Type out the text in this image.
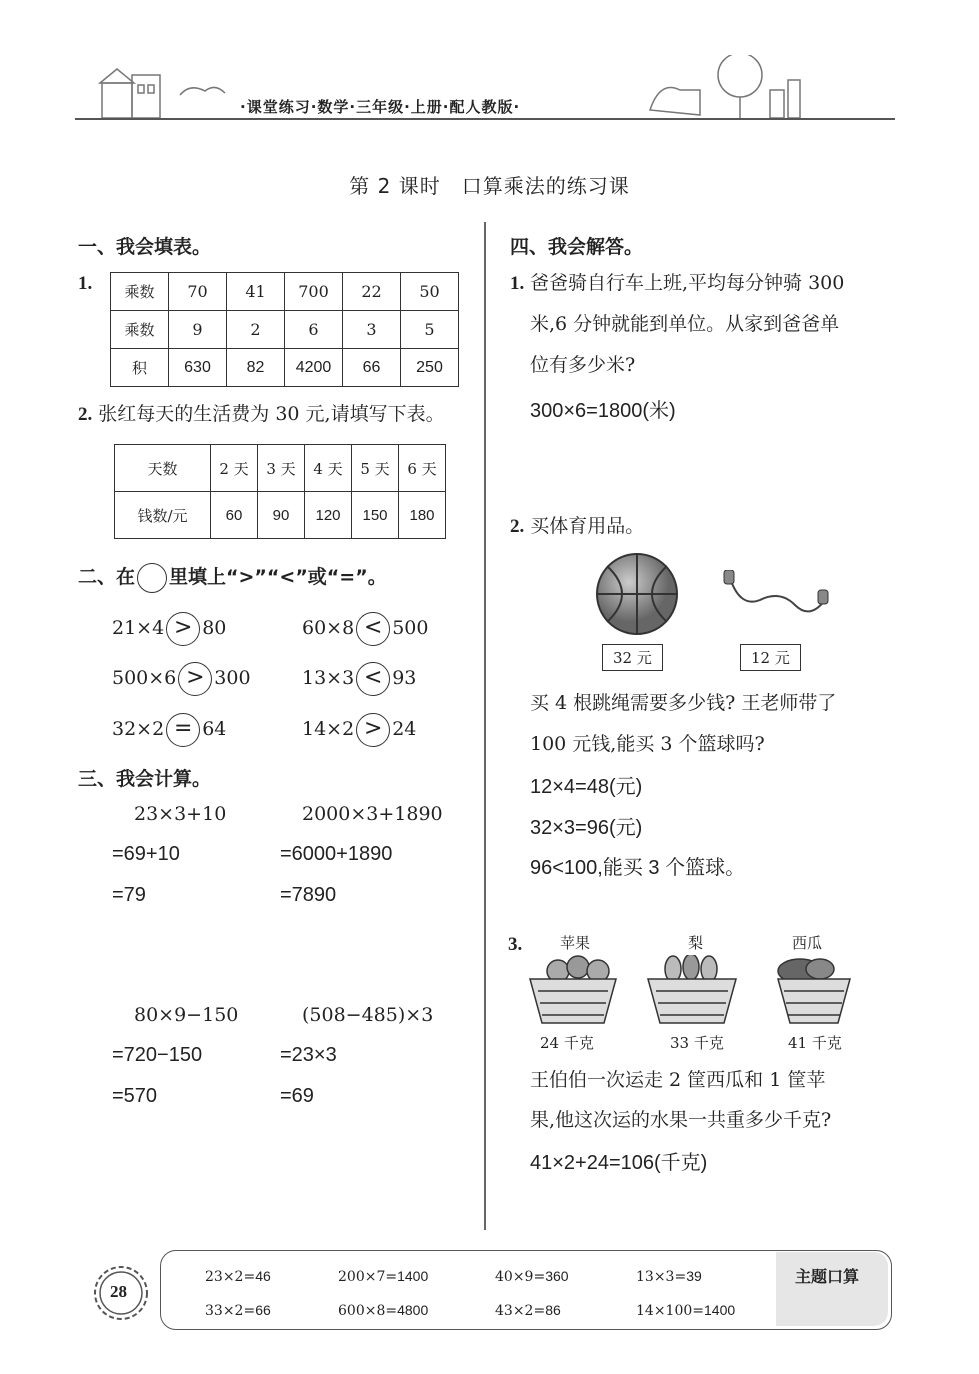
·课堂练习·数学·三年级·上册·配人教版·
第 2 课时　口算乘法的练习课
一、我会填表。
1. 乘数	70	41	700	22	50
乘数	9	2	6	3	5
积	630	82	4200	66	250
2. 张红每天的生活费为 30 元,请填写下表。
天数	2 天	3 天	4 天	5 天	6 天
钱数/元	60	90	120	150	180
二、在 里填上“>”“<”或“=”。
21×4 > 80	60×8 < 500
500×6 > 300	13×3 < 93
32×2 = 64	14×2 > 24
三、我会计算。
23×3+10
=69+10
=79
2000×3+1890
=6000+1890
=7890
80×9−150
=720−150
=570
(508−485)×3
=23×3
=69
四、我会解答。
1. 爸爸骑自行车上班,平均每分钟骑 300
米,6 分钟就能到单位。从家到爸爸单
位有多少米?
300×6=1800(米)
2. 买体育用品。
32 元	12 元
买 4 根跳绳需要多少钱? 王老师带了
100 元钱,能买 3 个篮球吗?
12×4=48(元)
32×3=96(元)
96<100,能买 3 个篮球。
3.	苹果	梨	西瓜
24 千克	33 千克	41 千克
王伯伯一次运走 2 筐西瓜和 1 筐苹
果,他这次运的水果一共重多少千克?
41×2+24=106(千克)
28
主题口算
23×2=46	200×7=1400	40×9=360	13×3=39
33×2=66	600×8=4800	43×2=86	14×100=1400
